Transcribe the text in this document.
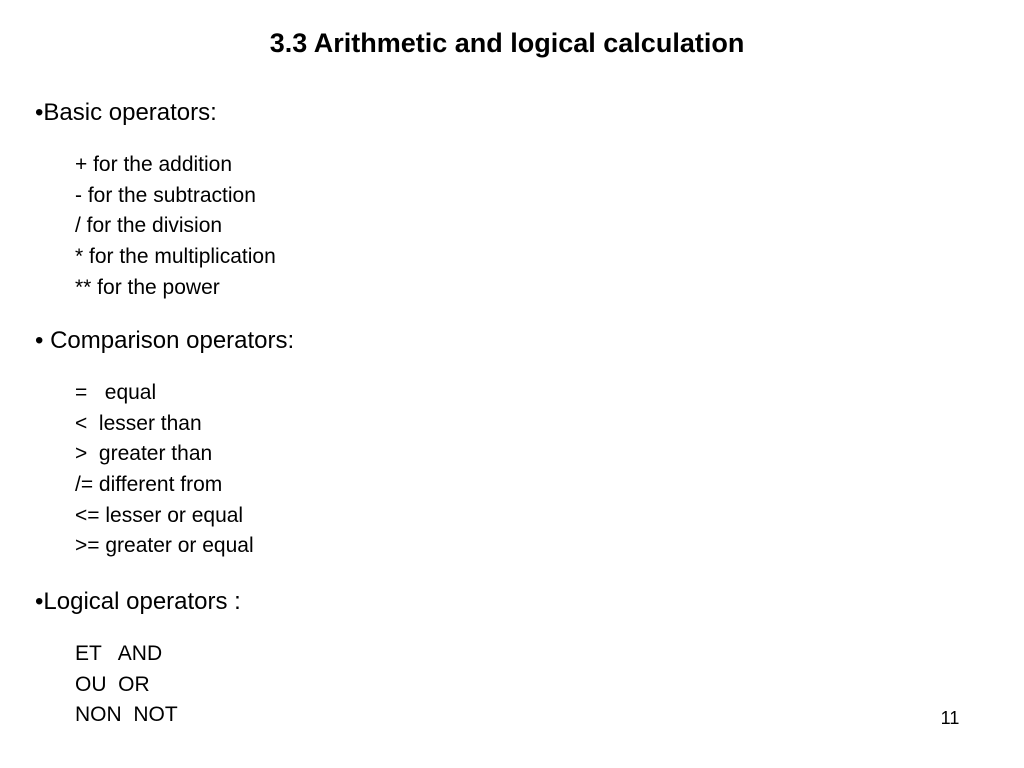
3.3 Arithmetic and logical calculation
•Basic operators:
+ for the addition
- for the subtraction
/ for the division
* for the multiplication
** for the power
• Comparison operators:
=   equal
<  lesser than
>  greater than
/= different from
<= lesser or equal
>= greater or equal
•Logical operators :
ET   AND
OU  OR
NON  NOT	11
